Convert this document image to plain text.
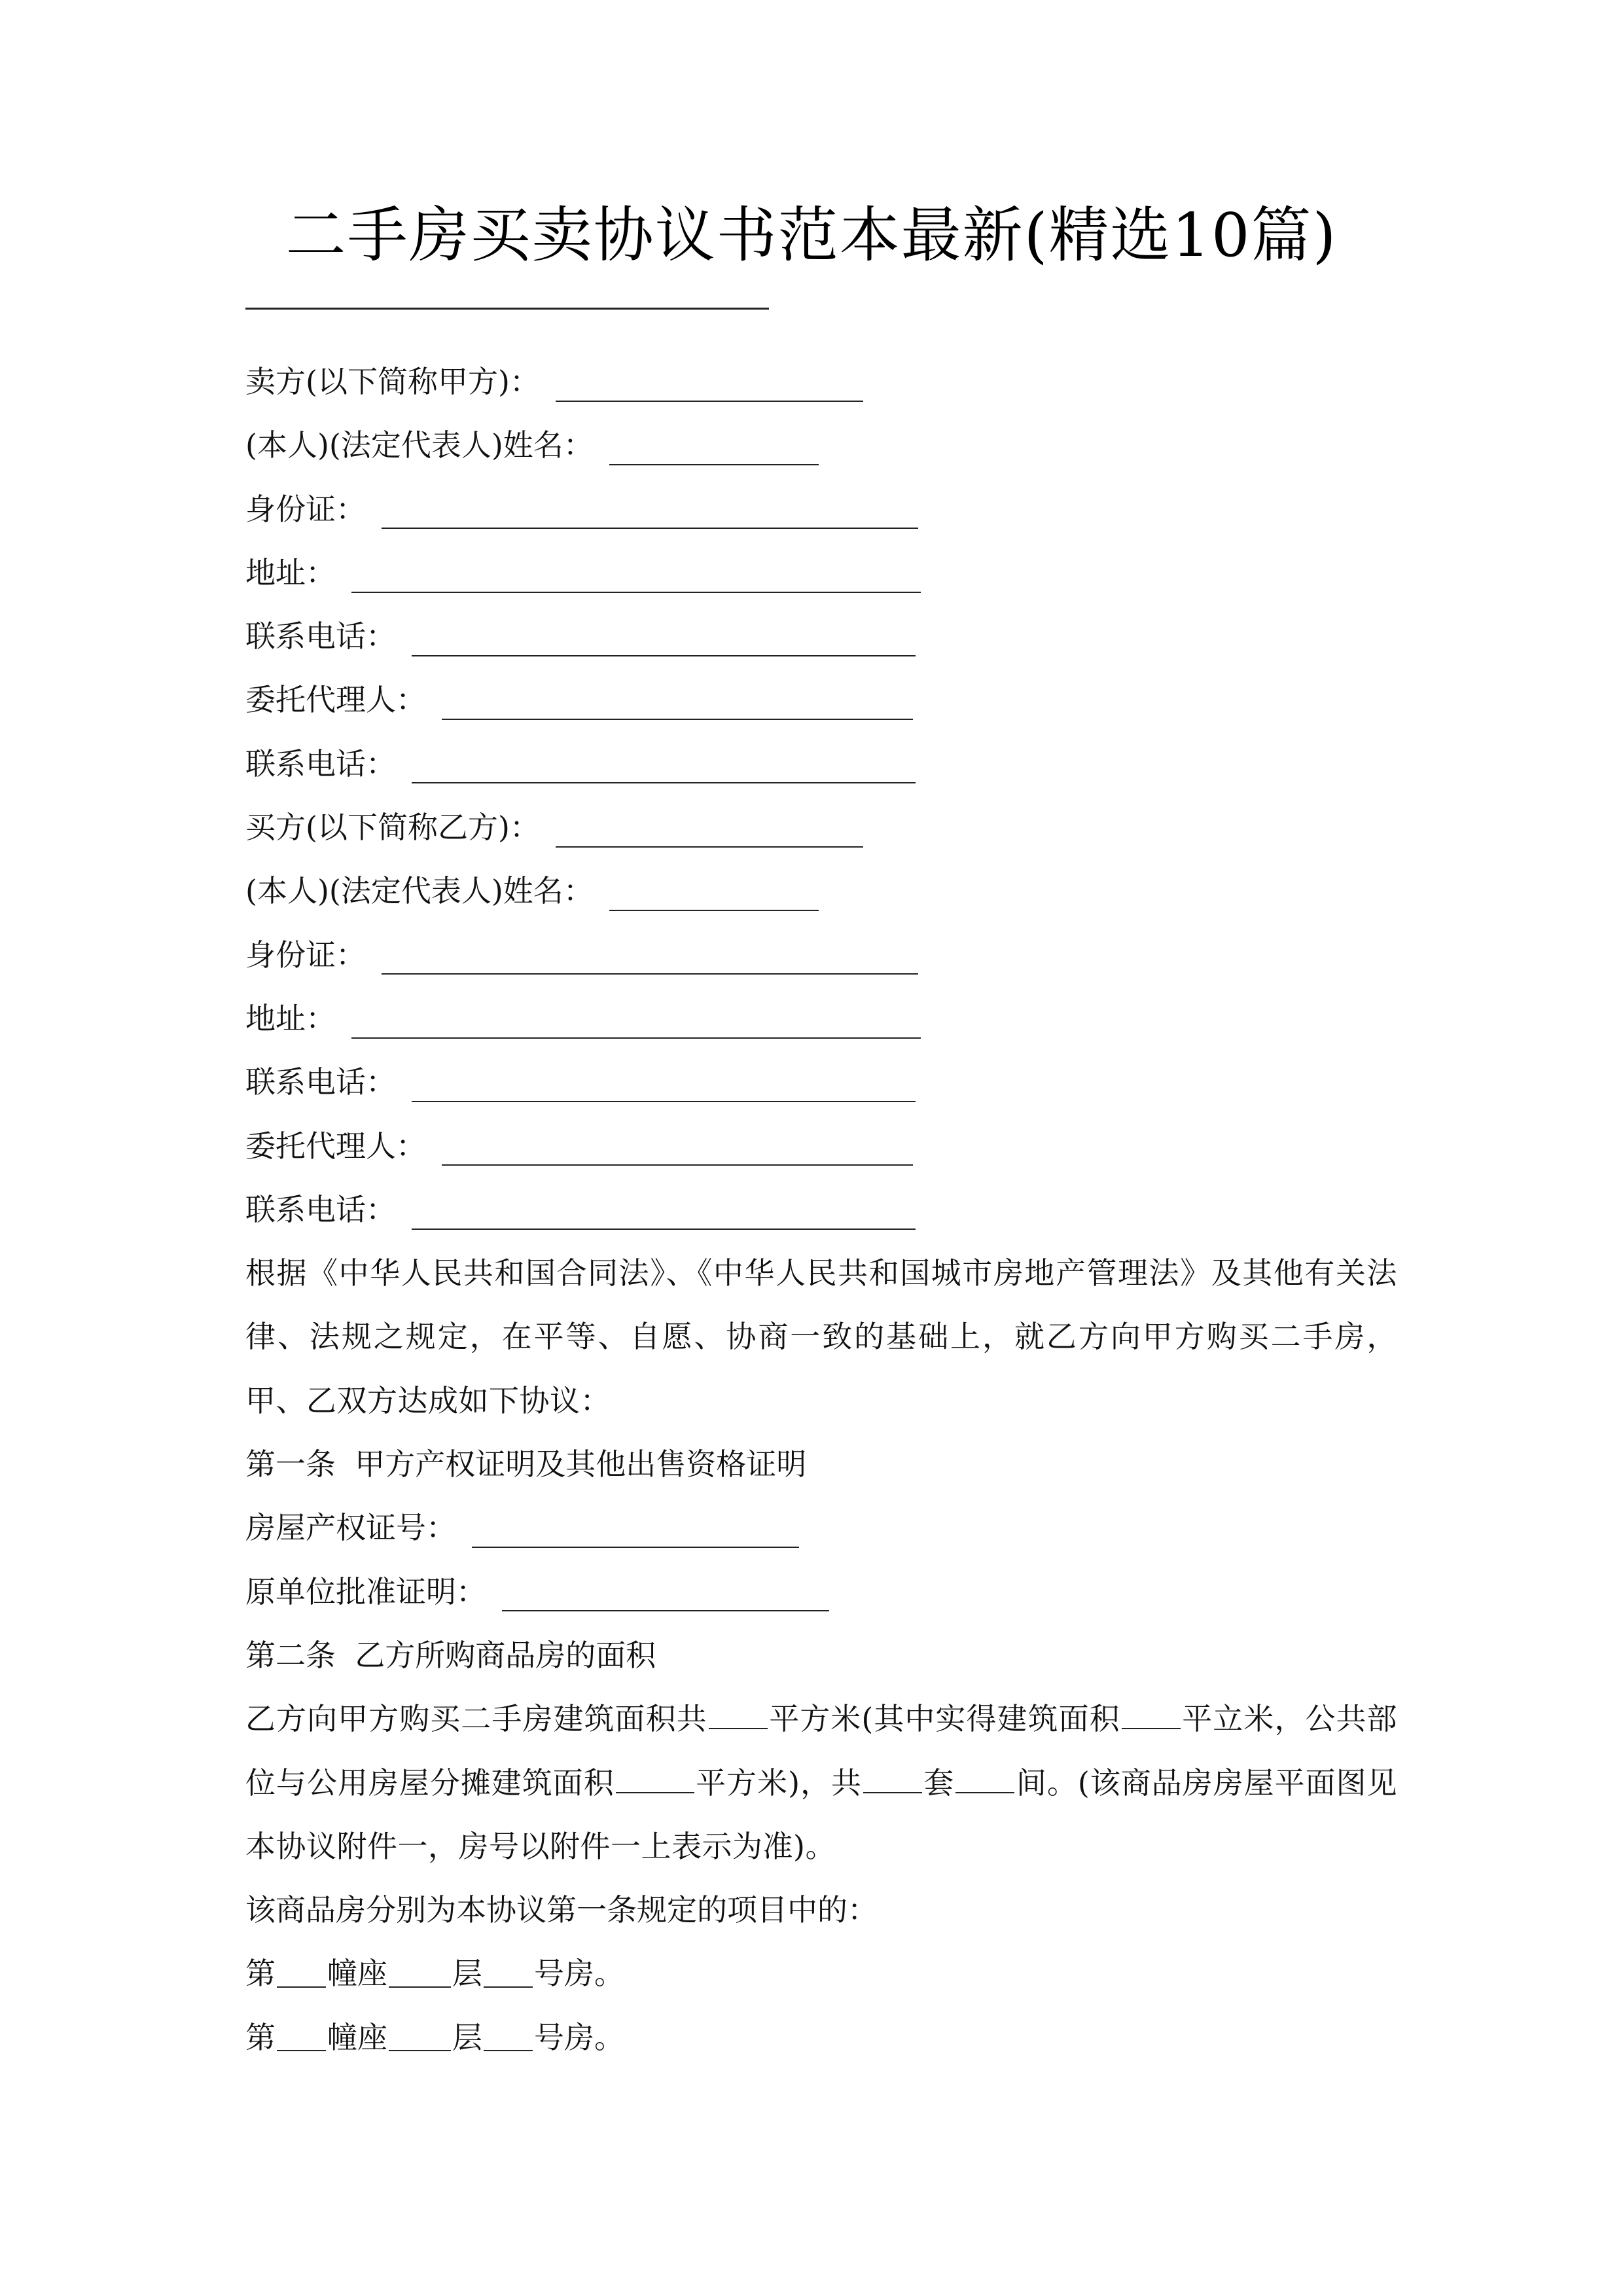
二手房买卖协议书范本最新(精选10篇)
卖方(以下简称甲方)：
(本人)(法定代表人)姓名：
身份证：
地址：
联系电话：
委托代理人：
联系电话：
买方(以下简称乙方)：
(本人)(法定代表人)姓名：
身份证：
地址：
联系电话：
委托代理人：
联系电话：
根据《中华人民共和国合同法》、《中华人民共和国城市房地产管理法》及其他有关法律、法规之规定，在平等、自愿、协商一致的基础上，就乙方向甲方购买二手房，甲、乙双方达成如下协议：
第一条  甲方产权证明及其他出售资格证明
房屋产权证号：
原单位批准证明：
第二条  乙方所购商品房的面积
乙方向甲方购买二手房建筑面积共 平方米(其中实得建筑面积 平立米，公共部位与公用房屋分摊建筑面积	平方米)，共 套 间。(该商品房房屋平面图见本协议附件一，房号以附件一上表示为准)。
该商品房分别为本协议第一条规定的项目中的：
第 幢座 层 号房。
第 幢座 层 号房。
